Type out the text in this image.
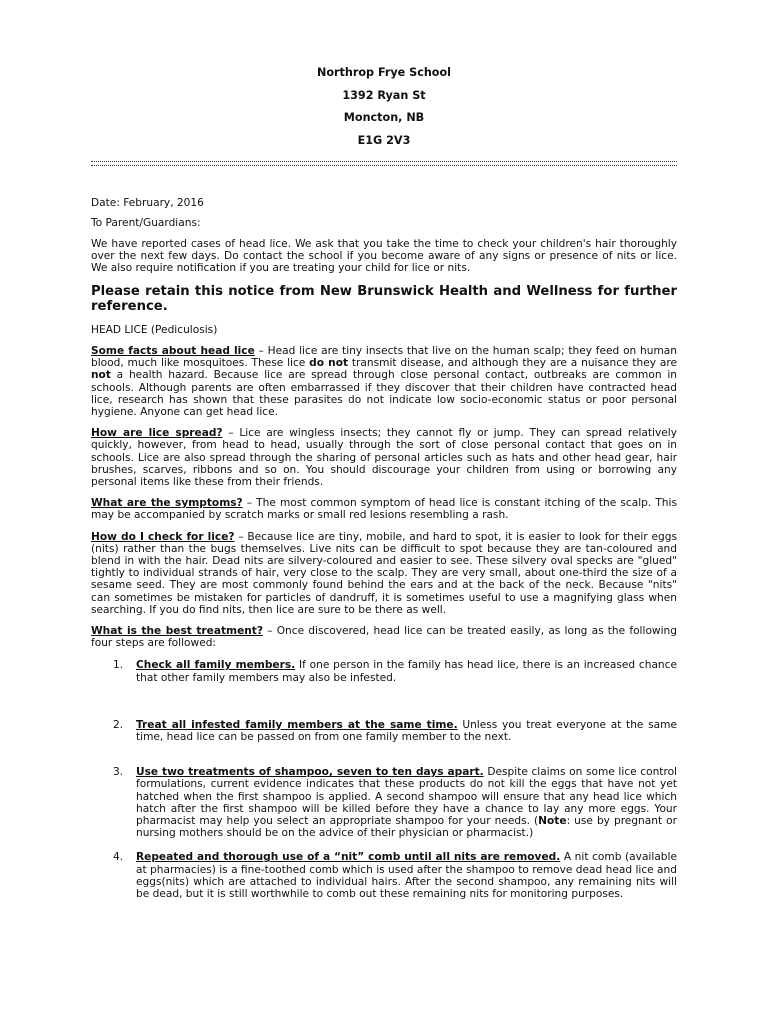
Northrop Frye School

1392 Ryan St

Moncton, NB

E1G 2V3

Date: February, 2016

To Parent/Guardians:

We have reported cases of head lice. We ask that you take the time to check your children's hair thoroughly over the next few days. Do contact the school if you become aware of any signs or presence of nits or lice. We also require notification if you are treating your child for lice or nits.

Please retain this notice from New Brunswick Health and Wellness for further reference.

HEAD LICE (Pediculosis)

Some facts about head lice – Head lice are tiny insects that live on the human scalp; they feed on human blood, much like mosquitoes. These lice do not transmit disease, and although they are a nuisance they are not a health hazard. Because lice are spread through close personal contact, outbreaks are common in schools. Although parents are often embarrassed if they discover that their children have contracted head lice, research has shown that these parasites do not indicate low socio-economic status or poor personal hygiene. Anyone can get head lice.

How are lice spread? – Lice are wingless insects; they cannot fly or jump. They can spread relatively quickly, however, from head to head, usually through the sort of close personal contact that goes on in schools. Lice are also spread through the sharing of personal articles such as hats and other head gear, hair brushes, scarves, ribbons and so on. You should discourage your children from using or borrowing any personal items like these from their friends.

What are the symptoms? – The most common symptom of head lice is constant itching of the scalp. This may be accompanied by scratch marks or small red lesions resembling a rash.

How do I check for lice? – Because lice are tiny, mobile, and hard to spot, it is easier to look for their eggs (nits) rather than the bugs themselves. Live nits can be difficult to spot because they are tan-coloured and blend in with the hair. Dead nits are silvery-coloured and easier to see. These silvery oval specks are "glued" tightly to individual strands of hair, very close to the scalp. They are very small, about one-third the size of a sesame seed. They are most commonly found behind the ears and at the back of the neck. Because "nits" can sometimes be mistaken for particles of dandruff, it is sometimes useful to use a magnifying glass when searching. If you do find nits, then lice are sure to be there as well.

What is the best treatment? – Once discovered, head lice can be treated easily, as long as the following four steps are followed:

1. Check all family members. If one person in the family has head lice, there is an increased chance that other family members may also be infested.
2. Treat all infested family members at the same time. Unless you treat everyone at the same time, head lice can be passed on from one family member to the next.
3. Use two treatments of shampoo, seven to ten days apart. Despite claims on some lice control formulations, current evidence indicates that these products do not kill the eggs that have not yet hatched when the first shampoo is applied. A second shampoo will ensure that any head lice which hatch after the first shampoo will be killed before they have a chance to lay any more eggs. Your pharmacist may help you select an appropriate shampoo for your needs. (Note: use by pregnant or nursing mothers should be on the advice of their physician or pharmacist.)
4. Repeated and thorough use of a “nit” comb until all nits are removed. A nit comb (available at pharmacies) is a fine-toothed comb which is used after the shampoo to remove dead head lice and eggs(nits) which are attached to individual hairs. After the second shampoo, any remaining nits will be dead, but it is still worthwhile to comb out these remaining nits for monitoring purposes.
